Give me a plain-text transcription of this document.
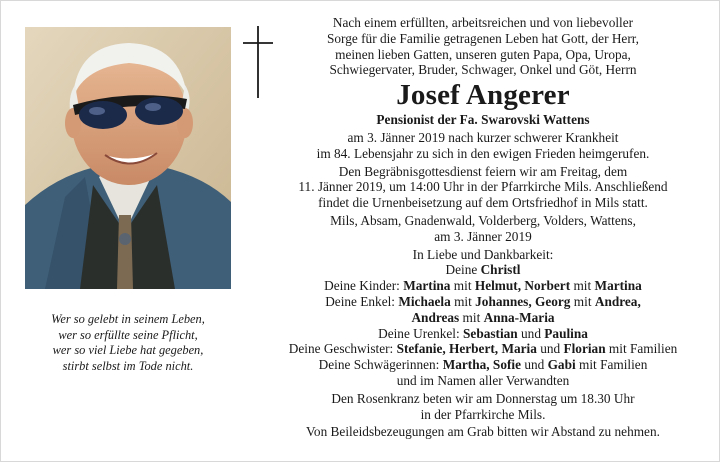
Wer so gelebt in seinem Leben,
wer so erfüllte seine Pflicht,
wer so viel Liebe hat gegeben,
stirbt selbst im Tode nicht.
Nach einem erfüllten, arbeitsreichen und von liebevoller
Sorge für die Familie getragenen Leben hat Gott, der Herr,
meinen lieben Gatten, unseren guten Papa, Opa, Uropa,
Schwiegervater, Bruder, Schwager, Onkel und Göt, Herrn
Josef Angerer
Pensionist der Fa. Swarovski Wattens
am 3. Jänner 2019 nach kurzer schwerer Krankheit
im 84. Lebensjahr zu sich in den ewigen Frieden heimgerufen.
Den Begräbnisgottesdienst feiern wir am Freitag, dem
11. Jänner 2019, um 14:00 Uhr in der Pfarrkirche Mils. Anschließend
findet die Urnenbeisetzung auf dem Ortsfriedhof in Mils statt.
Mils, Absam, Gnadenwald, Volderberg, Volders, Wattens,
am 3. Jänner 2019
In Liebe und Dankbarkeit:
Deine Christl
Deine Kinder: Martina mit Helmut, Norbert mit Martina
Deine Enkel: Michaela mit Johannes, Georg mit Andrea,
Andreas mit Anna-Maria
Deine Urenkel: Sebastian und Paulina
Deine Geschwister: Stefanie, Herbert, Maria und Florian mit Familien
Deine Schwägerinnen: Martha, Sofie und Gabi mit Familien
und im Namen aller Verwandten
Den Rosenkranz beten wir am Donnerstag um 18.30 Uhr
in der Pfarrkirche Mils.
Von Beileidsbezeugungen am Grab bitten wir Abstand zu nehmen.
